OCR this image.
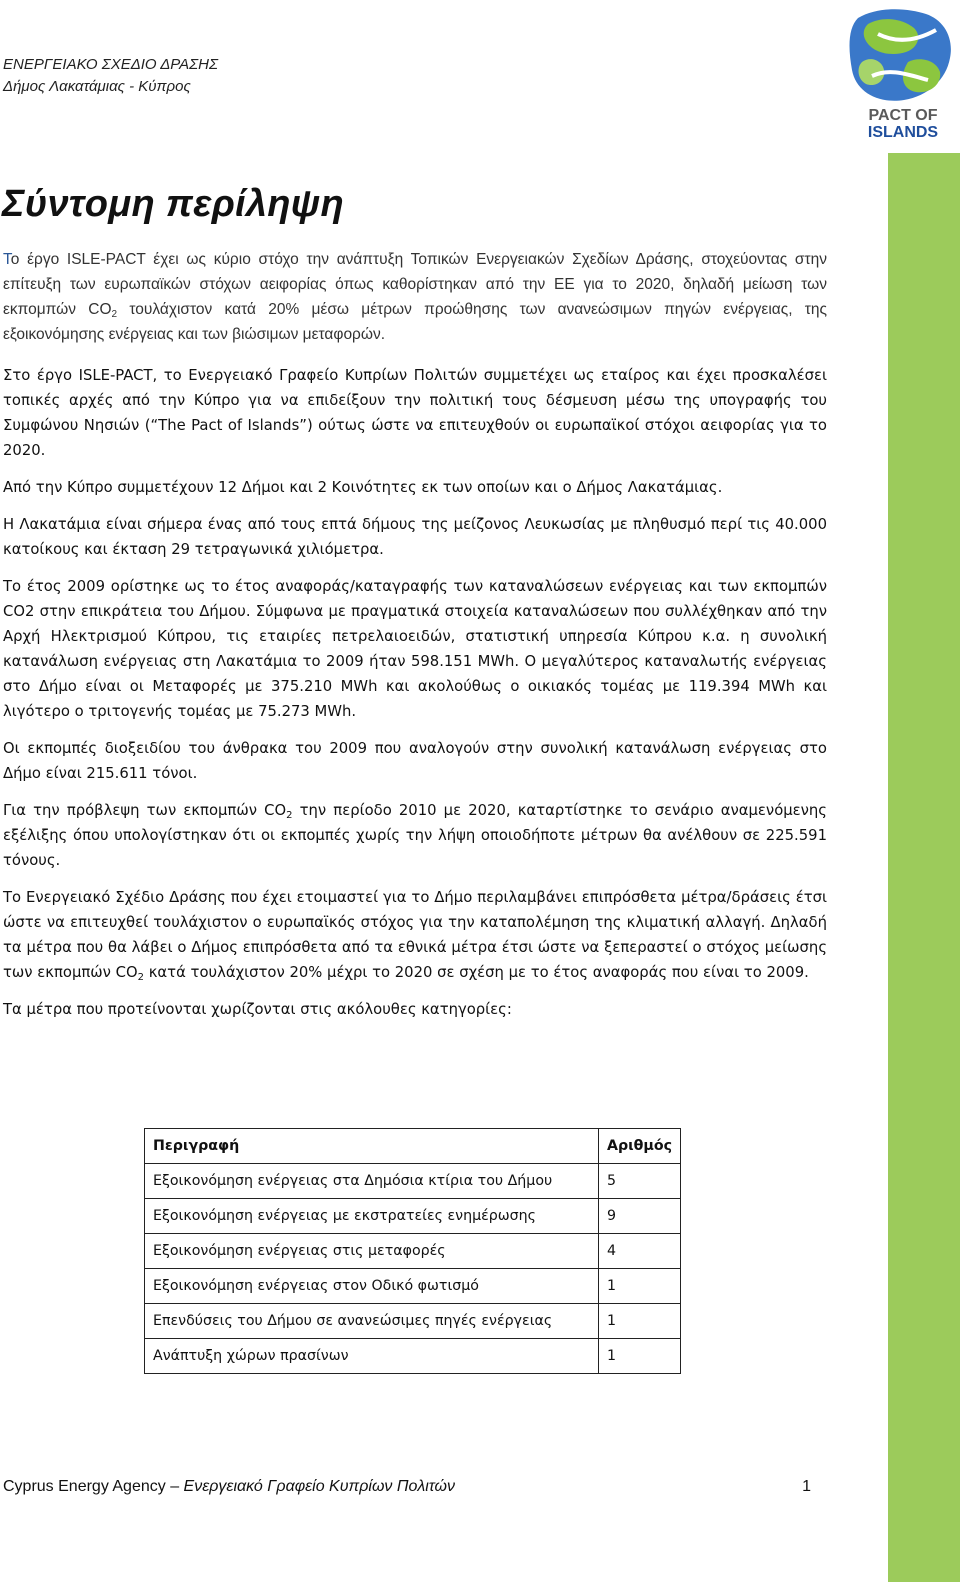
ΕΝΕΡΓΕΙΑΚΟ ΣΧΕΔΙΟ ΔΡΑΣΗΣ
Δήμος Λακατάμιας - Κύπρος
PACT OF
ISLANDS
Σύντομη περίληψη

Το έργο ISLE-PACT έχει ως κύριο στόχο την ανάπτυξη Τοπικών Ενεργειακών Σχεδίων Δράσης, στοχεύοντας στην επίτευξη των ευρωπαϊκών στόχων αειφορίας όπως καθορίστηκαν από την ΕΕ για το 2020, δηλαδή μείωση των εκπομπών $CO_2$ τουλάχιστον κατά 20% μέσω μέτρων προώθησης των ανανεώσιμων πηγών ενέργειας, της εξοικονόμησης ενέργειας και των βιώσιμων μεταφορών.

Στο έργο ISLE-PACT, το Ενεργειακό Γραφείο Κυπρίων Πολιτών συμμετέχει ως εταίρος και έχει προσκαλέσει τοπικές αρχές από την Κύπρο για να επιδείξουν την πολιτική τους δέσμευση μέσω της υπογραφής του Συμφώνου Νησιών (“The Pact of Islands”) ούτως ώστε να επιτευχθούν οι ευρωπαϊκοί στόχοι αειφορίας για το 2020.

Από την Κύπρο συμμετέχουν 12 Δήμοι και 2 Κοινότητες εκ των οποίων και ο Δήμος Λακατάμιας.

Η Λακατάμια είναι σήμερα ένας από τους επτά δήμους της μείζονος Λευκωσίας με πληθυσμό περί τις 40.000 κατοίκους και έκταση 29 τετραγωνικά χιλιόμετρα.

Το έτος 2009 ορίστηκε ως το έτος αναφοράς/καταγραφής των καταναλώσεων ενέργειας και των εκπομπών CO2 στην επικράτεια του Δήμου. Σύμφωνα με πραγματικά στοιχεία καταναλώσεων που συλλέχθηκαν από την Αρχή Ηλεκτρισμού Κύπρου, τις εταιρίες πετρελαιοειδών, στατιστική υπηρεσία Κύπρου κ.α. η συνολική κατανάλωση ενέργειας στη Λακατάμια το 2009 ήταν 598.151 MWh. Ο μεγαλύτερος καταναλωτής ενέργειας στο Δήμο είναι οι Μεταφορές με 375.210 MWh και ακολούθως ο οικιακός τομέας με 119.394 MWh και λιγότερο ο τριτογενής τομέας με 75.273 MWh.

Οι εκπομπές διοξειδίου του άνθρακα του 2009 που αναλογούν στην συνολική κατανάλωση ενέργειας στο Δήμο είναι 215.611 τόνοι.

Για την πρόβλεψη των εκπομπών $CO_2$ την περίοδο 2010 με 2020, καταρτίστηκε το σενάριο αναμενόμενης εξέλιξης όπου υπολογίστηκαν ότι οι εκπομπές χωρίς την λήψη οποιοδήποτε μέτρων θα ανέλθουν σε 225.591 τόνους.

Το Ενεργειακό Σχέδιο Δράσης που έχει ετοιμαστεί για το Δήμο περιλαμβάνει επιπρόσθετα μέτρα/δράσεις έτσι ώστε να επιτευχθεί τουλάχιστον ο ευρωπαϊκός στόχος για την καταπολέμηση της κλιματική αλλαγή. Δηλαδή τα μέτρα που θα λάβει ο Δήμος επιπρόσθετα από τα εθνικά μέτρα έτσι ώστε να ξεπεραστεί ο στόχος μείωσης των εκπομπών $CO_2$ κατά τουλάχιστον 20% μέχρι το 2020 σε σχέση με το έτος αναφοράς που είναι το 2009.

Τα μέτρα που προτείνονται χωρίζονται στις ακόλουθες κατηγορίες:

Περιγραφή	Αριθμός
Εξοικονόμηση ενέργειας στα Δημόσια κτίρια του Δήμου	5
Εξοικονόμηση ενέργειας με εκστρατείες ενημέρωσης	9
Εξοικονόμηση ενέργειας στις μεταφορές	4
Εξοικονόμηση ενέργειας στον Οδικό φωτισμό	1
Επενδύσεις του Δήμου σε ανανεώσιμες πηγές ενέργειας	1
Ανάπτυξη χώρων πρασίνων	1
Cyprus Energy Agency – Ενεργειακό Γραφείο Κυπρίων Πολιτών	1
